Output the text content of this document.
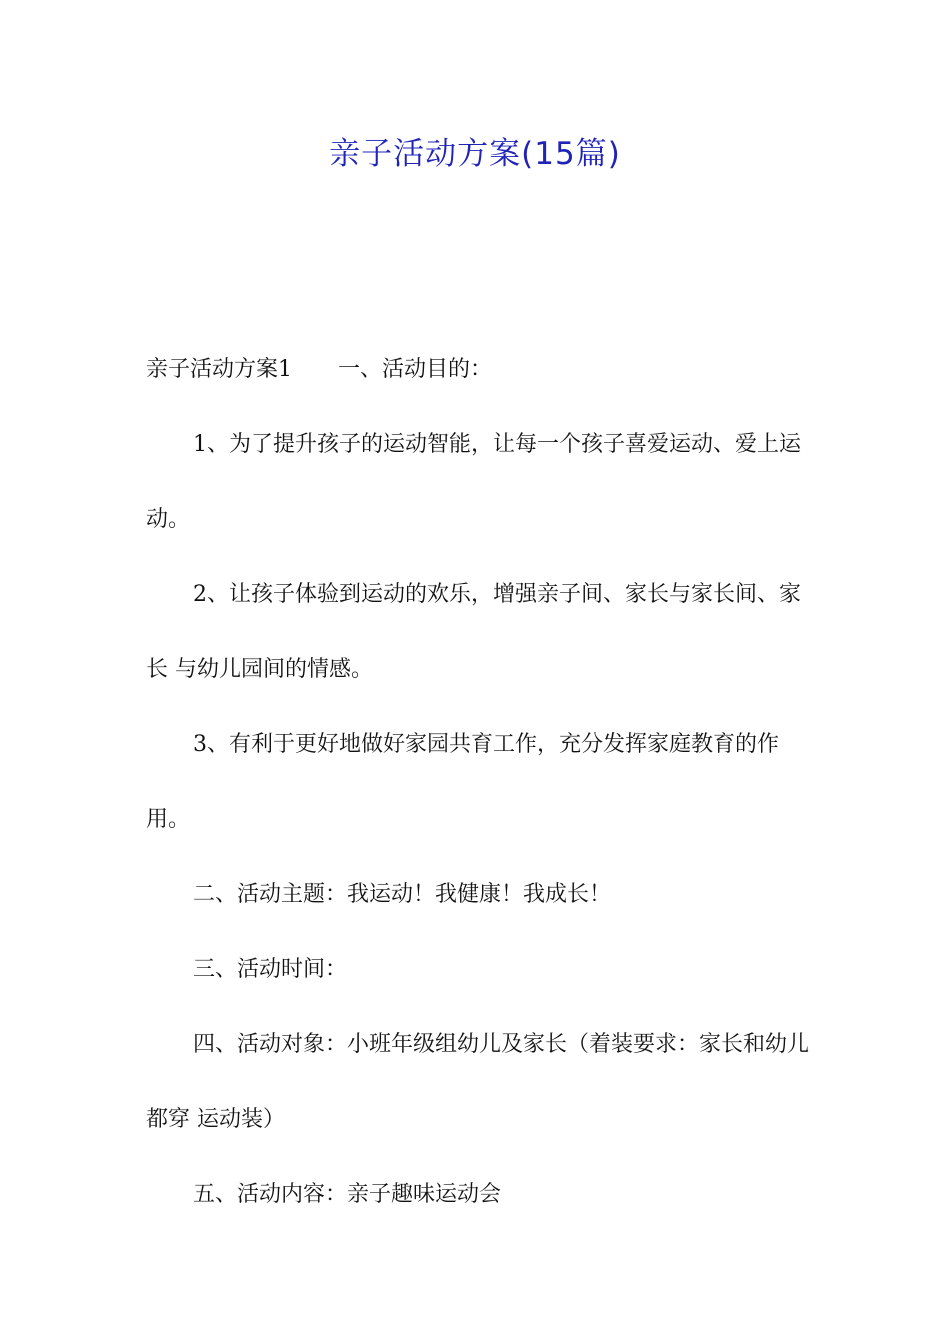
亲子活动方案(15篇)

亲子活动方案1 一、活动目的：

1、为了提升孩子的运动智能，让每一个孩子喜爱运动、爱上运动。

2、让孩子体验到运动的欢乐，增强亲子间、家长与家长间、家长 与幼儿园间的情感。

3、有利于更好地做好家园共育工作，充分发挥家庭教育的作用。

二、活动主题：我运动！我健康！我成长！

三、活动时间：

四、活动对象：小班年级组幼儿及家长（着装要求：家长和幼儿都穿 运动装）

五、活动内容：亲子趣味运动会
